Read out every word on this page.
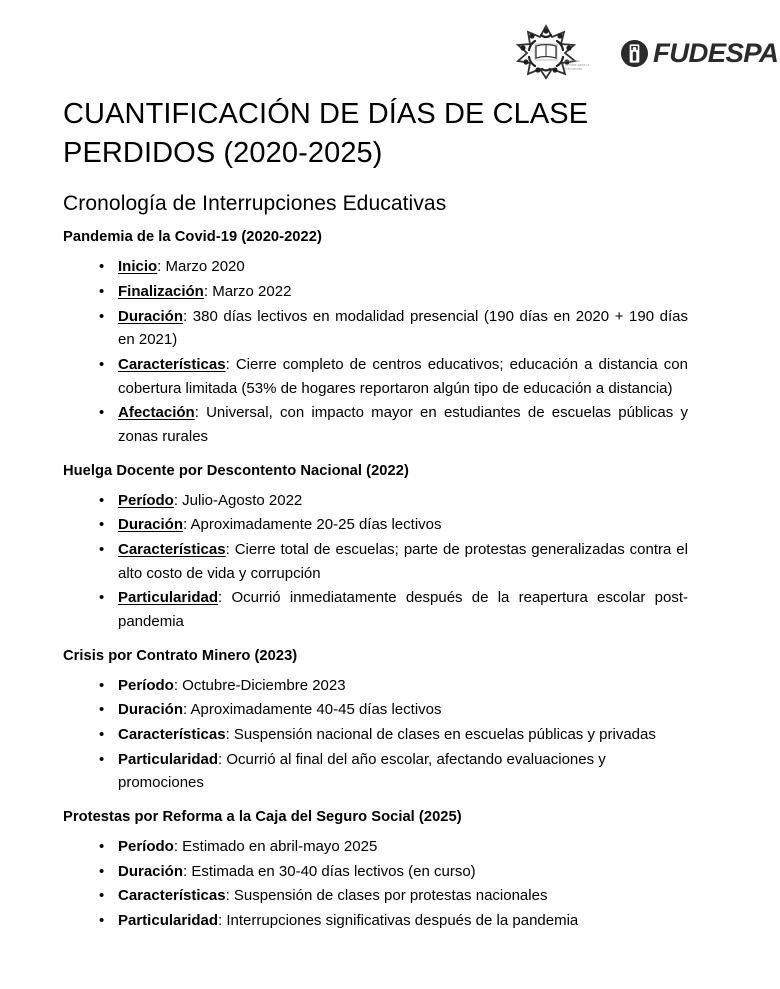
Diversos
Unidos para la
Educación
FUDESPA
CUANTIFICACIÓN DE DÍAS DE CLASE PERDIDOS (2020-2025)
Cronología de Interrupciones Educativas
Pandemia de la Covid-19 (2020-2022)
• Inicio: Marzo 2020
• Finalización: Marzo 2022
• Duración: 380 días lectivos en modalidad presencial (190 días en 2020 + 190 días en 2021)
• Características: Cierre completo de centros educativos; educación a distancia con cobertura limitada (53% de hogares reportaron algún tipo de educación a distancia)
• Afectación: Universal, con impacto mayor en estudiantes de escuelas públicas y zonas rurales
Huelga Docente por Descontento Nacional (2022)
• Período: Julio-Agosto 2022
• Duración: Aproximadamente 20-25 días lectivos
• Características: Cierre total de escuelas; parte de protestas generalizadas contra el alto costo de vida y corrupción
• Particularidad: Ocurrió inmediatamente después de la reapertura escolar post-pandemia
Crisis por Contrato Minero (2023)
• Período: Octubre-Diciembre 2023
• Duración: Aproximadamente 40-45 días lectivos
• Características: Suspensión nacional de clases en escuelas públicas y privadas
• Particularidad: Ocurrió al final del año escolar, afectando evaluaciones y promociones
Protestas por Reforma a la Caja del Seguro Social (2025)
• Período: Estimado en abril-mayo 2025
• Duración: Estimada en 30-40 días lectivos (en curso)
• Características: Suspensión de clases por protestas nacionales
• Particularidad: Interrupciones significativas después de la pandemia
